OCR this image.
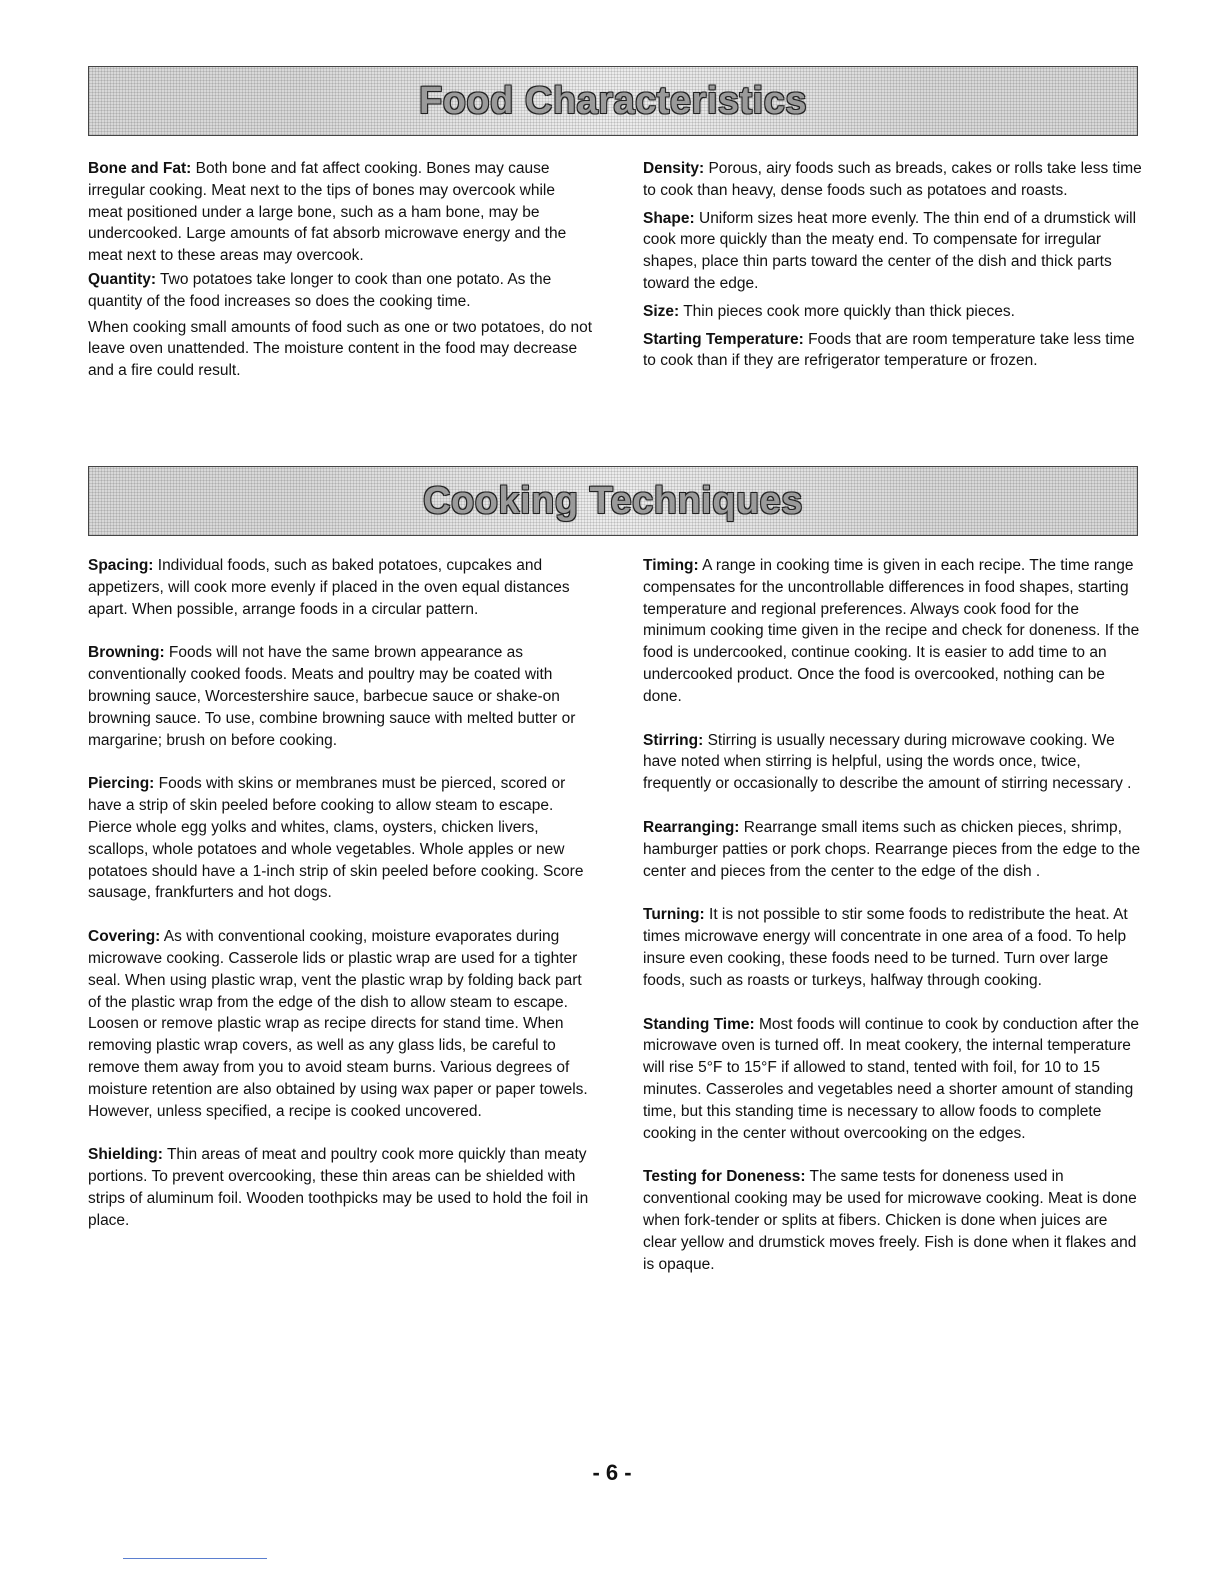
Food Characteristics

Bone and Fat: Both bone and fat affect cooking. Bones may cause irregular cooking. Meat next to the tips of bones may overcook while meat positioned under a large bone, such as a ham bone, may be undercooked. Large amounts of fat absorb microwave energy and the meat next to these areas may overcook.

Quantity: Two potatoes take longer to cook than one potato. As the quantity of the food increases so does the cooking time.

When cooking small amounts of food such as one or two potatoes, do not leave oven unattended. The moisture content in the food may decrease and a fire could result.

Density: Porous, airy foods such as breads, cakes or rolls take less time to cook than heavy, dense foods such as potatoes and roasts.

Shape: Uniform sizes heat more evenly. The thin end of a drumstick will cook more quickly than the meaty end. To compensate for irregular shapes, place thin parts toward the center of the dish and thick parts toward the edge.

Size: Thin pieces cook more quickly than thick pieces.

Starting Temperature: Foods that are room temperature take less time to cook than if they are refrigerator temperature or frozen.

Cooking Techniques

Spacing: Individual foods, such as baked potatoes, cupcakes and appetizers, will cook more evenly if placed in the oven equal distances apart. When possible, arrange foods in a circular pattern.

Browning: Foods will not have the same brown appearance as conventionally cooked foods. Meats and poultry may be coated with browning sauce, Worcestershire sauce, barbecue sauce or shake-on browning sauce. To use, combine browning sauce with melted butter or margarine; brush on before cooking.

Piercing: Foods with skins or membranes must be pierced, scored or have a strip of skin peeled before cooking to allow steam to escape. Pierce whole egg yolks and whites, clams, oysters, chicken livers, scallops, whole potatoes and whole vegetables. Whole apples or new potatoes should have a 1-inch strip of skin peeled before cooking. Score sausage, frankfurters and hot dogs.

Covering: As with conventional cooking, moisture evaporates during microwave cooking. Casserole lids or plastic wrap are used for a tighter seal. When using plastic wrap, vent the plastic wrap by folding back part of the plastic wrap from the edge of the dish to allow steam to escape. Loosen or remove plastic wrap as recipe directs for stand time. When removing plastic wrap covers, as well as any glass lids, be careful to remove them away from you to avoid steam burns. Various degrees of moisture retention are also obtained by using wax paper or paper towels. However, unless specified, a recipe is cooked uncovered.

Shielding: Thin areas of meat and poultry cook more quickly than meaty portions. To prevent overcooking, these thin areas can be shielded with strips of aluminum foil. Wooden toothpicks may be used to hold the foil in place.

Timing: A range in cooking time is given in each recipe. The time range compensates for the uncontrollable differences in food shapes, starting temperature and regional preferences. Always cook food for the minimum cooking time given in the recipe and check for doneness. If the food is undercooked, continue cooking. It is easier to add time to an undercooked product. Once the food is overcooked, nothing can be done.

Stirring: Stirring is usually necessary during microwave cooking. We have noted when stirring is helpful, using the words once, twice, frequently or occasionally to describe the amount of stirring necessary .

Rearranging: Rearrange small items such as chicken pieces, shrimp, hamburger patties or pork chops. Rearrange pieces from the edge to the center and pieces from the center to the edge of the dish .

Turning: It is not possible to stir some foods to redistribute the heat. At times microwave energy will concentrate in one area of a food. To help insure even cooking, these foods need to be turned. Turn over large foods, such as roasts or turkeys, halfway through cooking.

Standing Time: Most foods will continue to cook by conduction after the microwave oven is turned off. In meat cookery, the internal temperature will rise 5°F to 15°F if allowed to stand, tented with foil, for 10 to 15 minutes. Casseroles and vegetables need a shorter amount of standing time, but this standing time is necessary to allow foods to complete cooking in the center without overcooking on the edges.

Testing for Doneness: The same tests for doneness used in conventional cooking may be used for microwave cooking. Meat is done when fork-tender or splits at fibers. Chicken is done when juices are clear yellow and drumstick moves freely. Fish is done when it flakes and is opaque.

- 6 -
